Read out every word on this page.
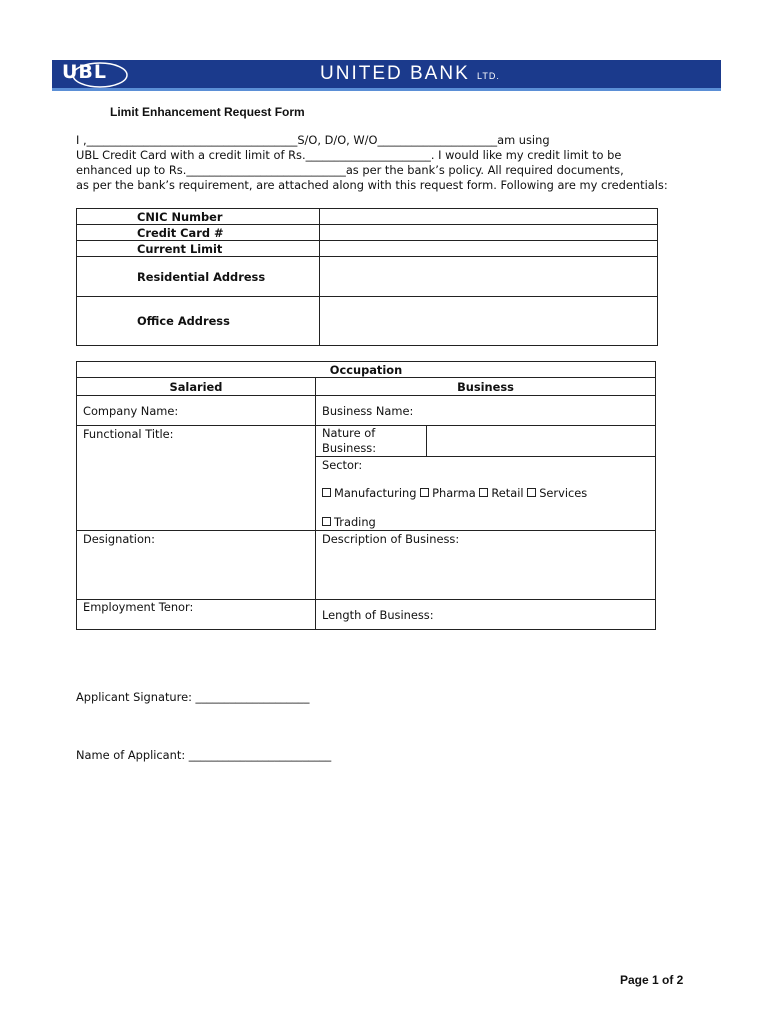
UBL	UNITED BANK LTD.
Limit Enhancement Request Form
I ,_____________________________________S/O, D/O, W/O_____________________am using
UBL Credit Card with a credit limit of Rs.______________________. I would like my credit limit to be
enhanced up to Rs.____________________________as per the bank’s policy. All required documents,
as per the bank’s requirement, are attached along with this request form. Following are my credentials:
CNIC Number	
Credit Card #	
Current Limit	
Residential Address	
Office Address	
Occupation		
Salaried	Business	
Company Name:	Business Name:	
Functional Title:	Nature of Business:	

	Sector:
Manufacturing Pharma Retail Services
Trading	

Designation:	Description of Business:	
Employment Tenor:	Length of Business:	
Applicant Signature: ____________________
Name of Applicant: _________________________
Page 1 of 2
